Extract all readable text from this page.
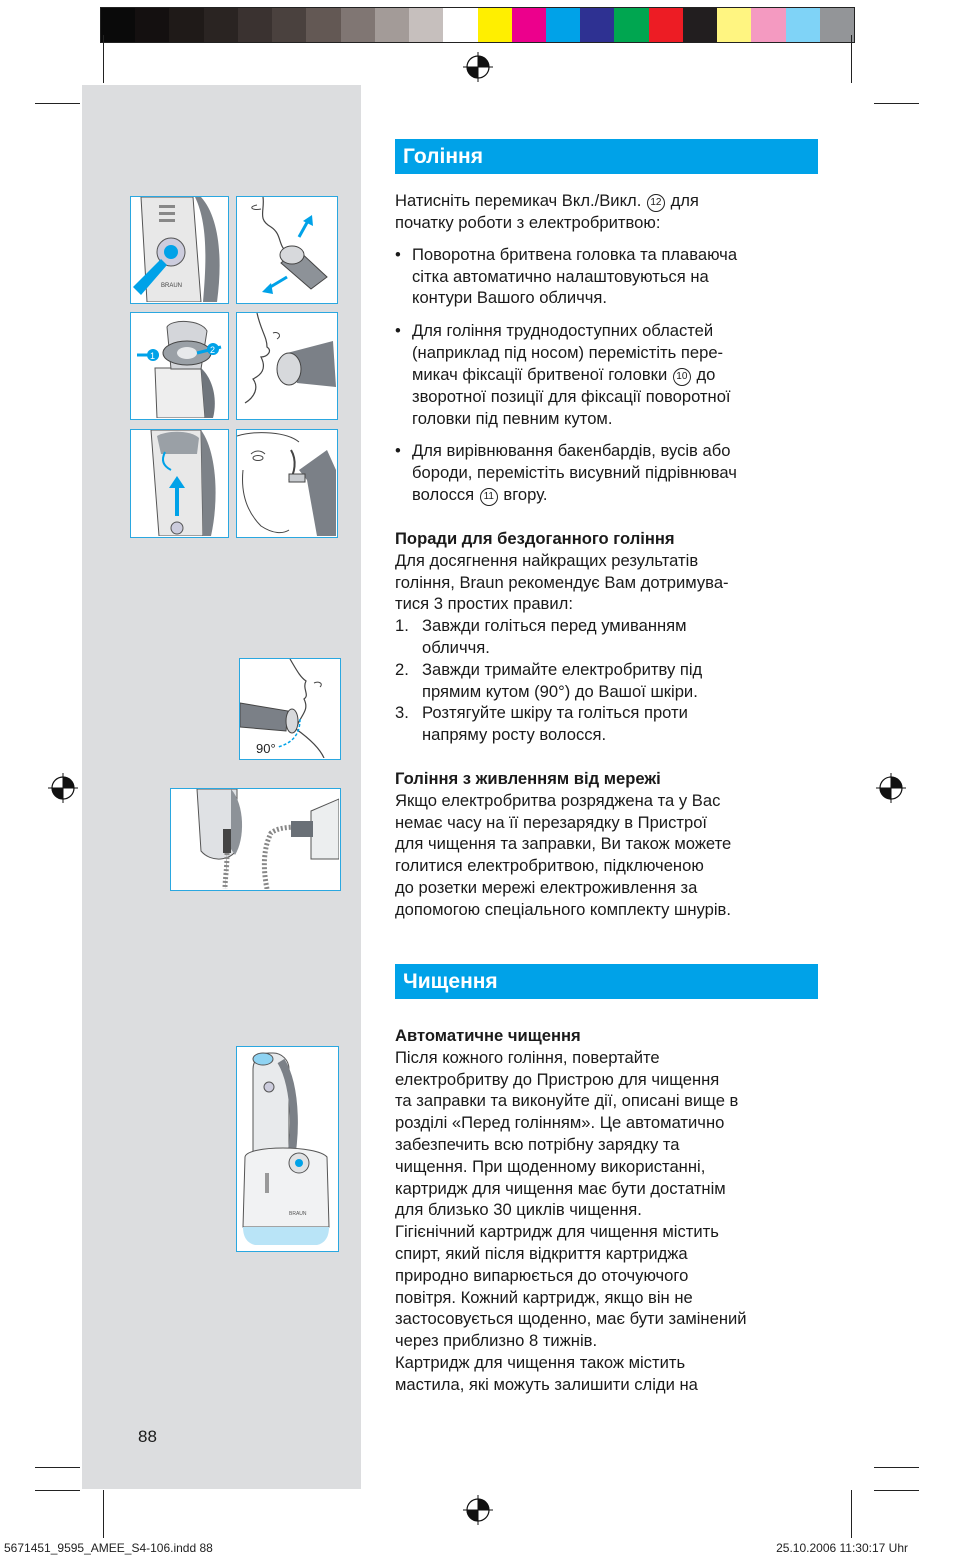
BRAUN
1
2
90°
BRAUN
Гоління

Натисніть перемикач Вкл./Викл. 12 для
початку роботи з електробритвою:

• Поворотна бритвена головка та плаваюча
сітка автоматично налаштовуються на
контури Вашого обличчя.
• Для гоління труднодоступних областей
(наприклад під носом) перемістіть пере-
микач фіксації бритвеної головки 10 до
зворотної позиції для фіксації поворотної
головки під певним кутом.
• Для вирівнювання бакенбардів, вусів або
бороди, перемістіть висувний підрівнювач
волосся 11 вгору.

Поради для бездоганного гоління

Для досягнення найкращих результатів
гоління, Braun рекомендує Вам дотримува-
тися 3 простих правил:

1. Завжди голіться перед умиванням
обличчя.
2. Завжди тримайте електробритву під
прямим кутом (90°) до Вашої шкіри.
3. Розтягуйте шкіру та голіться проти
напряму росту волосся.

Гоління з живленням від мережі

Якщо електробритва розряджена та у Вас
немає часу на її перезарядку в Пристрої
для чищення та заправки, Ви також можете
голитися електробритвою, підключеною
до розетки мережі електроживлення за
допомогою спеціального комплекту шнурів.

Чищення

Автоматичне чищення

Після кожного гоління, повертайте
електробритву до Пристрою для чищення
та заправки та виконуйте дії, описані вище в
розділі «Перед голінням». Це автоматично
забезпечить всю потрібну зарядку та
чищення. При щоденному використанні,
картридж для чищення має бути достатнім
для близько 30 циклів чищення.
Гігієнічний картридж для чищення містить
спирт, який після відкриття картриджа
природно випарюється до оточуючого
повітря. Кожний картридж, якщо він не
застосовується щоденно, має бути замінений
через приблизно 8 тижнів.
Картридж для чищення також містить
мастила, які можуть залишити сліди на

88
5671451_9595_AMEE_S4-106.indd 88	25.10.2006 11:30:17 Uhr
